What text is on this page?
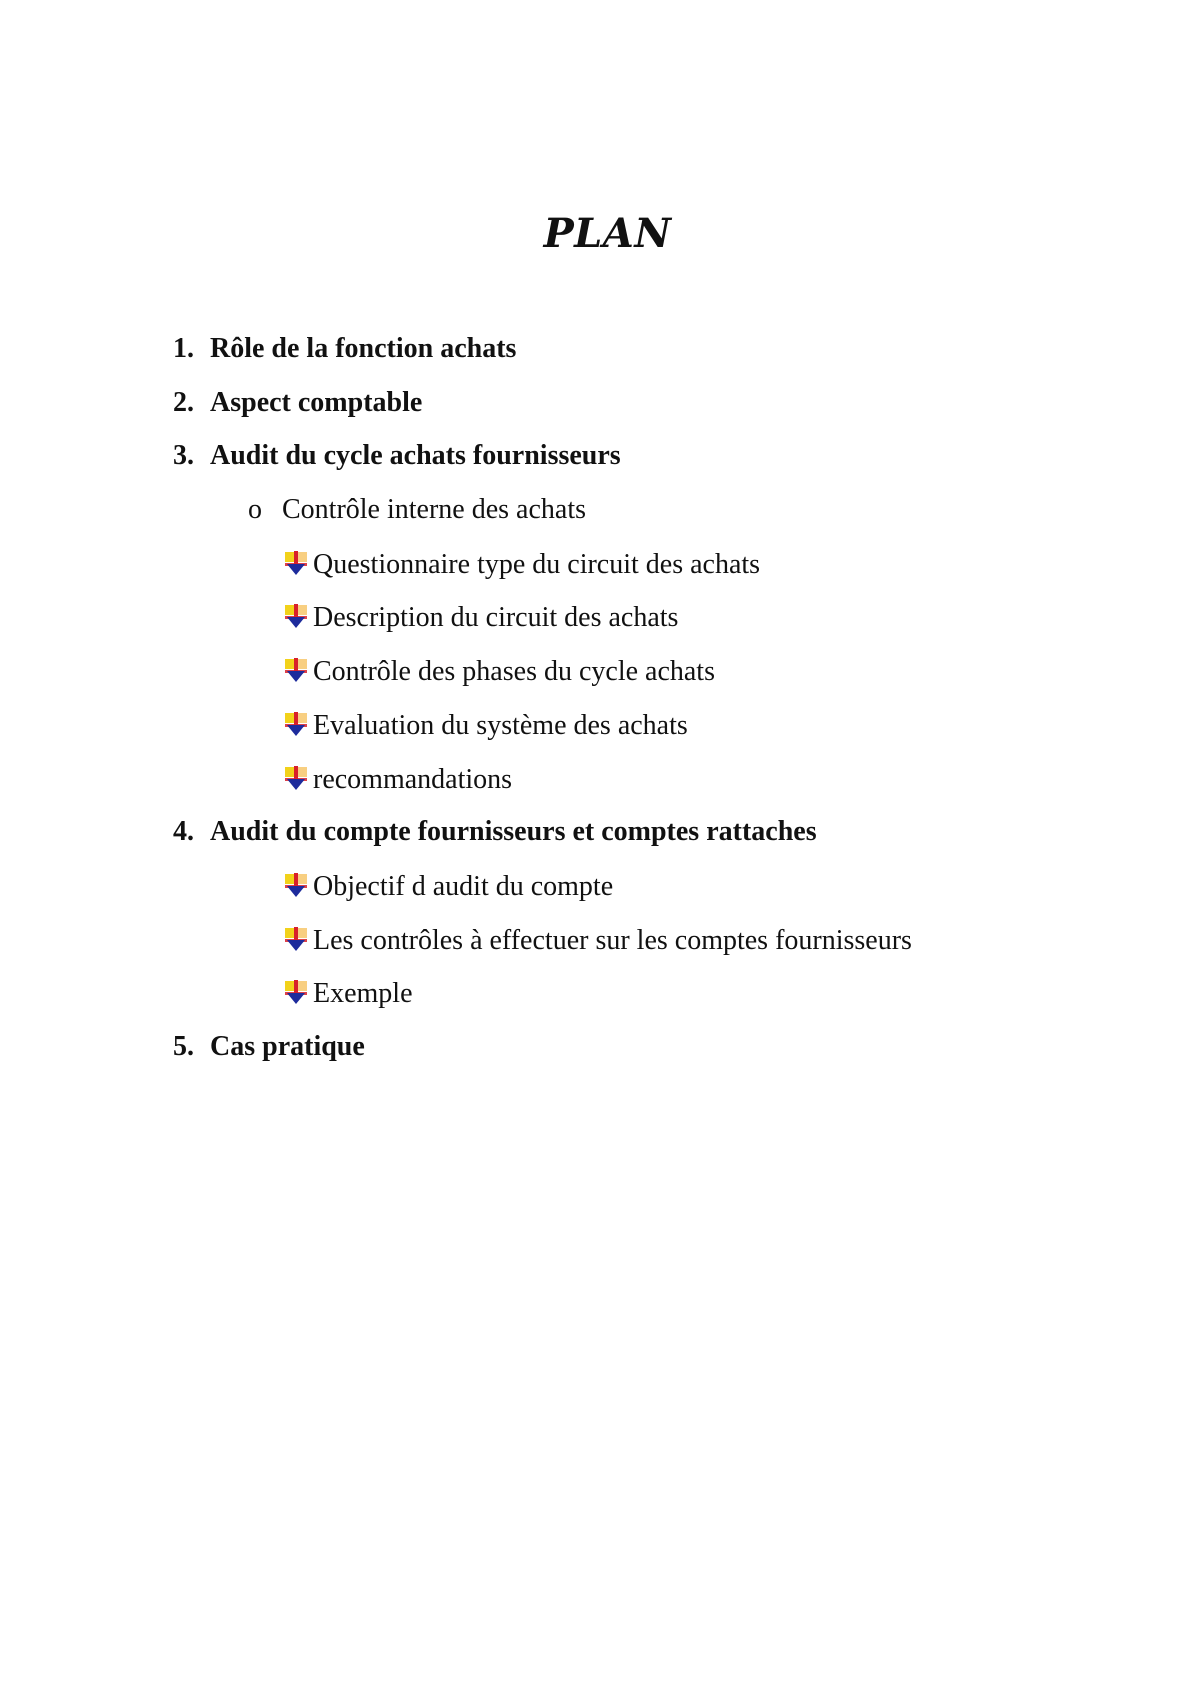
PLAN
1. Rôle de la fonction achats
2. Aspect comptable
3. Audit du cycle achats fournisseurs
o Contrôle interne des achats
Questionnaire type du circuit des achats
Description du circuit des achats
Contrôle des phases du cycle achats
Evaluation du système des achats
recommandations
4. Audit du compte fournisseurs et comptes rattaches
Objectif d audit du compte
Les contrôles à effectuer sur les comptes fournisseurs
Exemple
5. Cas pratique
